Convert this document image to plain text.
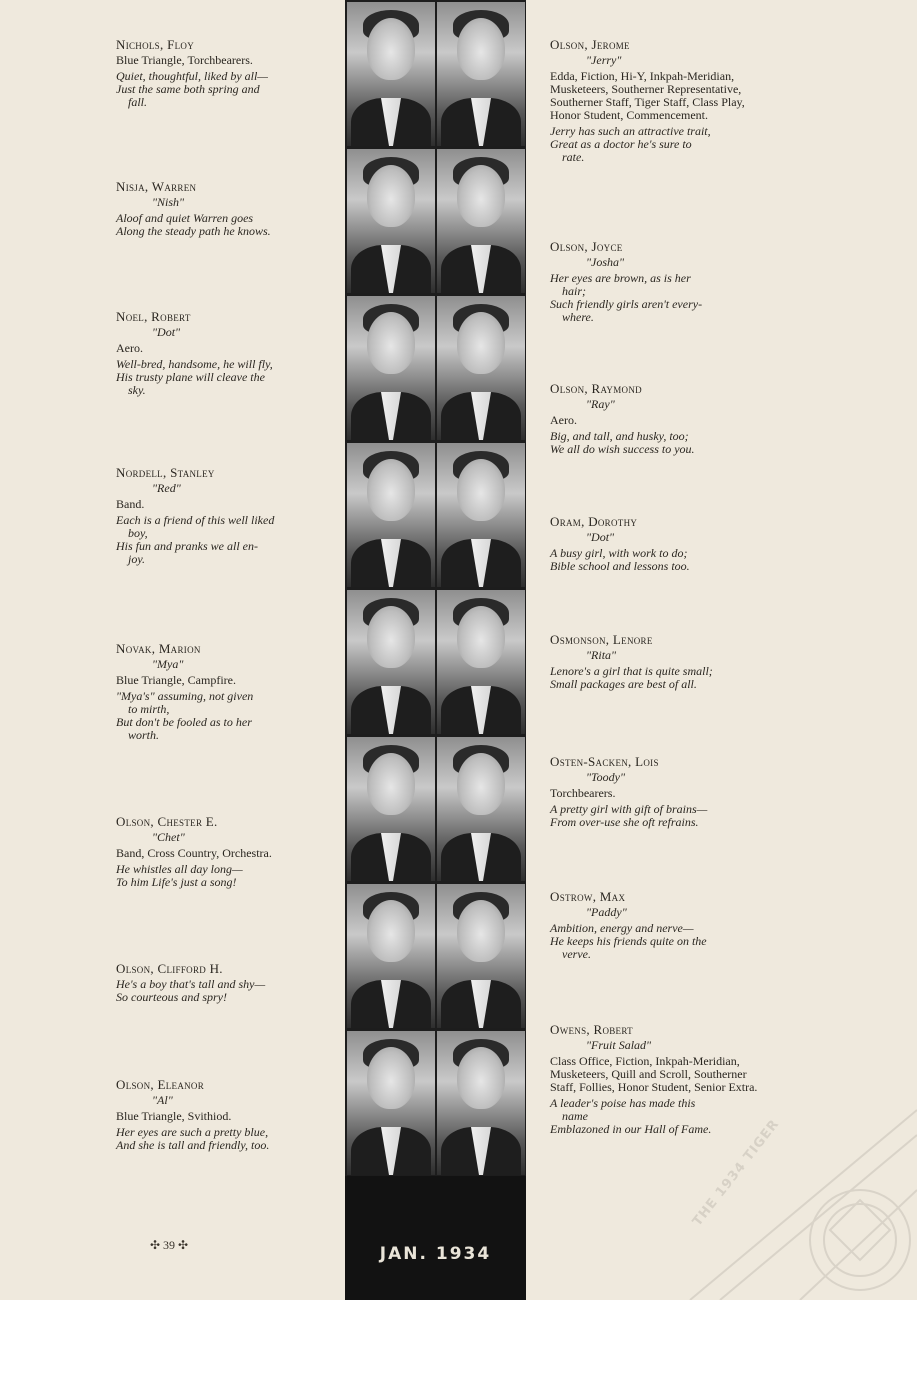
JAN. 1934
THE 1934 TIGER
✣ 39 ✣
Nichols, Floy
Blue Triangle, Torchbearers.
Quiet, thoughtful, liked by all—
Just the same both spring and
fall.
Nisja, Warren
"Nish"
Aloof and quiet Warren goes
Along the steady path he knows.
Noel, Robert
"Dot"
Aero.
Well-bred, handsome, he will fly,
His trusty plane will cleave the
sky.
Nordell, Stanley
"Red"
Band.
Each is a friend of this well liked
boy,
His fun and pranks we all en-
joy.
Novak, Marion
"Mya"
Blue Triangle, Campfire.
"Mya's" assuming, not given
to mirth,
But don't be fooled as to her
worth.
Olson, Chester E.
"Chet"
Band, Cross Country, Orchestra.
He whistles all day long—
To him Life's just a song!
Olson, Clifford H.
He's a boy that's tall and shy—
So courteous and spry!
Olson, Eleanor
"Al"
Blue Triangle, Svithiod.
Her eyes are such a pretty blue,
And she is tall and friendly, too.
Olson, Jerome
"Jerry"
Edda, Fiction, Hi-Y, Inkpah-Meridian, Musketeers, Southerner Representative, Southerner Staff, Tiger Staff, Class Play, Honor Student, Commencement.
Jerry has such an attractive trait,
Great as a doctor he's sure to
rate.
Olson, Joyce
"Josha"
Her eyes are brown, as is her
hair;
Such friendly girls aren't every-
where.
Olson, Raymond
"Ray"
Aero.
Big, and tall, and husky, too;
We all do wish success to you.
Oram, Dorothy
"Dot"
A busy girl, with work to do;
Bible school and lessons too.
Osmonson, Lenore
"Rita"
Lenore's a girl that is quite small;
Small packages are best of all.
Osten-Sacken, Lois
"Toody"
Torchbearers.
A pretty girl with gift of brains—
From over-use she oft refrains.
Ostrow, Max
"Paddy"
Ambition, energy and nerve—
He keeps his friends quite on the
verve.
Owens, Robert
"Fruit Salad"
Class Office, Fiction, Inkpah-Meridian, Musketeers, Quill and Scroll, Southerner Staff, Follies, Honor Student, Senior Extra.
A leader's poise has made this
name
Emblazoned in our Hall of Fame.
